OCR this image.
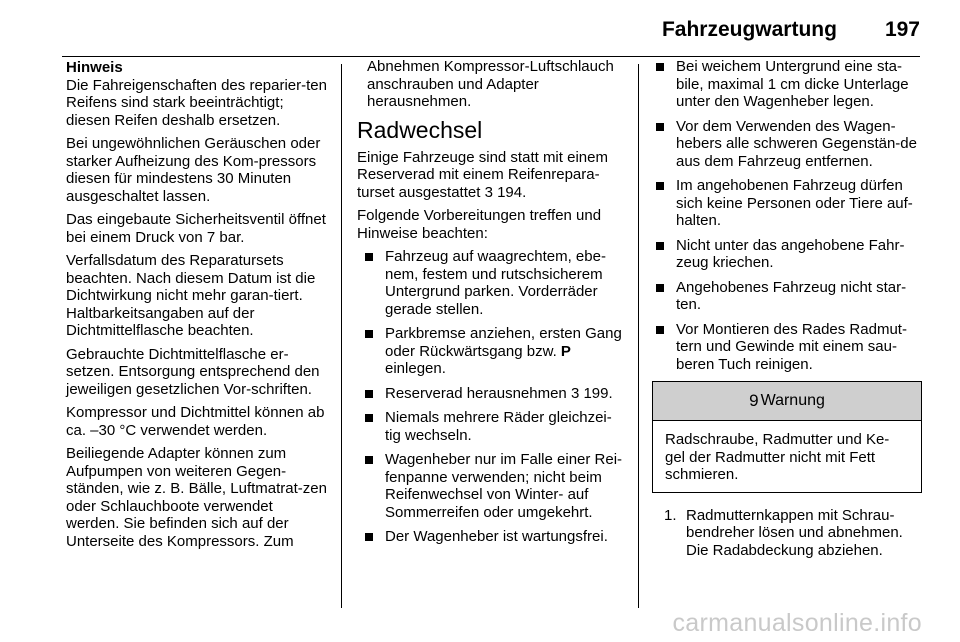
Fahrzeugwartung 197
Hinweis

Die Fahreigenschaften des reparier-ten Reifens sind stark beeinträchtigt; diesen Reifen deshalb ersetzen.

Bei ungewöhnlichen Geräuschen oder starker Aufheizung des Kom-pressors diesen für mindestens 30 Minuten ausgeschaltet lassen.

Das eingebaute Sicherheitsventil öffnet bei einem Druck von 7 bar.

Verfallsdatum des Reparatursets beachten. Nach diesem Datum ist die Dichtwirkung nicht mehr garan-tiert. Haltbarkeitsangaben auf der Dichtmittelflasche beachten.

Gebrauchte Dichtmittelflasche er-setzen. Entsorgung entsprechend den jeweiligen gesetzlichen Vor-schriften.

Kompressor und Dichtmittel können ab ca. –30 °C verwendet werden.

Beiliegende Adapter können zum Aufpumpen von weiteren Gegen-ständen, wie z. B. Bälle, Luftmatrat-zen oder Schlauchboote verwendet werden. Sie befinden sich auf der Unterseite des Kompressors. Zum

Abnehmen Kompressor-Luftschlauch anschrauben und Adapter herausnehmen.

Radwechsel

Einige Fahrzeuge sind statt mit einem Reserverad mit einem Reifenrepara-turset ausgestattet 3 194.

Folgende Vorbereitungen treffen und Hinweise beachten:

Fahrzeug auf waagrechtem, ebe-nem, festem und rutschsicherem Untergrund parken. Vorderräder gerade stellen.
Parkbremse anziehen, ersten Gang oder Rückwärtsgang bzw. P einlegen.
Reserverad herausnehmen 3 199.
Niemals mehrere Räder gleichzei-tig wechseln.
Wagenheber nur im Falle einer Rei-fenpanne verwenden; nicht beim Reifenwechsel von Winter- auf Sommerreifen oder umgekehrt.
Der Wagenheber ist wartungsfrei.
Bei weichem Untergrund eine sta-bile, maximal 1 cm dicke Unterlage unter den Wagenheber legen.
Vor dem Verwenden des Wagen-hebers alle schweren Gegenstän-de aus dem Fahrzeug entfernen.
Im angehobenen Fahrzeug dürfen sich keine Personen oder Tiere auf-halten.
Nicht unter das angehobene Fahr-zeug kriechen.
Angehobenes Fahrzeug nicht star-ten.
Vor Montieren des Rades Radmut-tern und Gewinde mit einem sau-beren Tuch reinigen.
9 Warnung
Radschraube, Radmutter und Ke-gel der Radmutter nicht mit Fett schmieren.
1. Radmutternkappen mit Schrau-bendreher lösen und abnehmen. Die Radabdeckung abziehen.
carmanualsonline.info
